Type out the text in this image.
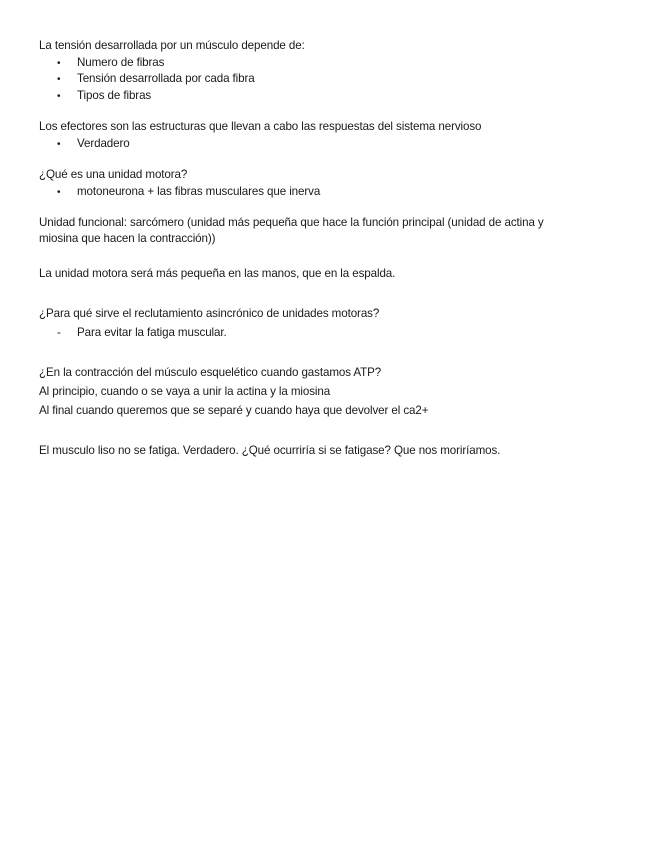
La tensión desarrollada por un músculo depende de:
• Numero de fibras
• Tensión desarrollada por cada fibra
• Tipos de fibras
Los efectores son las estructuras que llevan a cabo las respuestas del sistema nervioso
• Verdadero
¿Qué es una unidad motora?
• motoneurona + las fibras musculares que inerva
Unidad funcional: sarcómero (unidad más pequeña que hace la función principal (unidad de actina y
miosina que hacen la contracción))
La unidad motora será más pequeña en las manos, que en la espalda.
¿Para qué sirve el reclutamiento asincrónico de unidades motoras?
- Para evitar la fatiga muscular.
¿En la contracción del músculo esquelético cuando gastamos ATP?
Al principio, cuando o se vaya a unir la actina y la miosina
Al final cuando queremos que se separé y cuando haya que devolver el ca2+
El musculo liso no se fatiga. Verdadero. ¿Qué ocurriría si se fatigase? Que nos moriríamos.
